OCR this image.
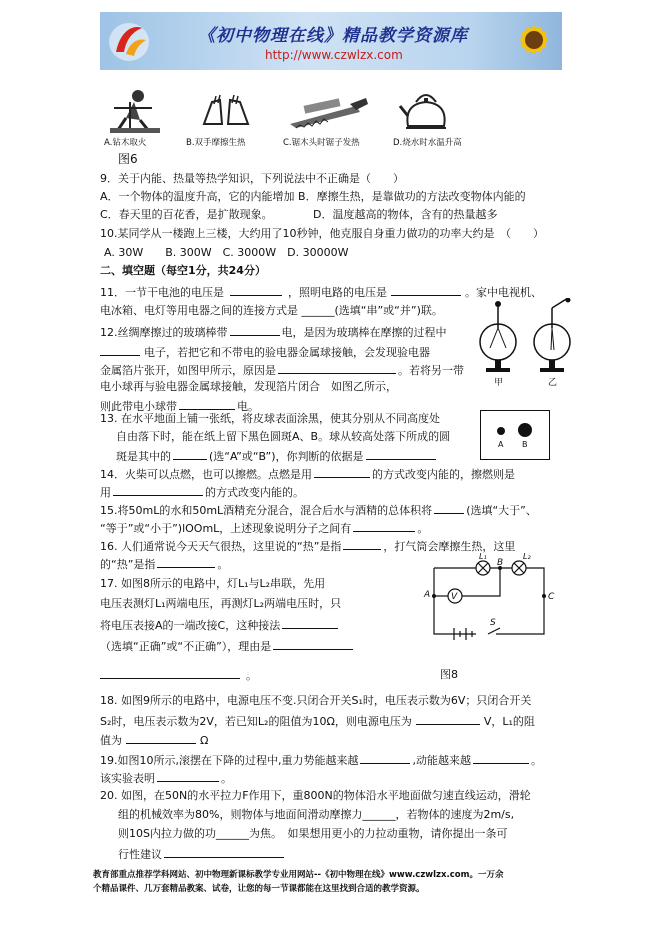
《初中物理在线》精品教学资源库
http://www.czwlzx.com
A.钻木取火	B.双手摩擦生热	C.锯木头时锯子发热	D.烧水时水温升高
图6
9．关于内能、热量等热学知识，下列说法中不正确是（　　）
A．一个物体的温度升高，它的内能增加 B．摩擦生热，是靠做功的方法改变物体内能的
C．春天里的百花香，是扩散现象。	D．温度越高的物体，含有的热量越多
10.某同学从一楼跑上三楼，大约用了10秒钟，他克服自身重力做功的功率大约是　（　　）
A. 30W　　B. 300W　C. 3000W　D. 30000W
二、填空题（每空1分，共24分）
11．一节干电池的电压是	，照明电路的电压是	。家中电视机、
电冰箱、电灯等用电器之间的连接方式是 ______(选填“串”或“并”)联。
12.丝绸摩擦过的玻璃棒带	电，是因为玻璃棒在摩擦的过程中
电子，若把它和不带电的验电器金属球接触，会发现验电器
金属箔片张开，如图甲所示，原因是	。若将另一带
电小球再与验电器金属球接触，发现箔片闭合　如图乙所示，
则此带电小球带	电。
甲	乙
13. 在水平地面上铺一张纸，将皮球表面涂黑，使其分别从不同高度处
自由落下时，能在纸上留下黑色圆斑A、B。球从较高处落下所成的圆
斑是其中的	(选“A”或“B”)，你判断的依据是
A B
14．火柴可以点燃，也可以擦燃。点燃是用	的方式改变内能的，擦燃则是
用	的方式改变内能的。
15.将50mL的水和50mL酒精充分混合，混合后水与酒精的总体积将	(选填“大于”、
“等于”或“小于”)lOOmL，上述现象说明分子之间有	。
16. 人们通常说今天天气很热，这里说的“热”是指	，打气筒会摩擦生热，这里
的“热”是指	。
17. 如图8所示的电路中，灯L₁与L₂串联，先用
电压表测灯L₁两端电压，再测灯L₂两端电压时，只
将电压表接A的一端改接C，这种接法
（选填“正确”或“不正确”），理由是
。
V
A
B
C
L₁	L₂
S
图8
18. 如图9所示的电路中，电源电压不变.只闭合开关S₁时，电压表示数为6V；只闭合开关
S₂时，电压表示数为2V，若已知L₂的阻值为10Ω，则电源电压为	V，L₁的阻
值为	Ω
19.如图10所示,滚摆在下降的过程中,重力势能越来越	,动能越来越	。
该实验表明	。
20. 如图，在50N的水平拉力F作用下，重800N的物体沿水平地面做匀速直线运动，滑轮
组的机械效率为80%，则物体与地面间滑动摩擦力______，若物体的速度为2m/s,
则10S内拉力做的功______为焦。　如果想用更小的力拉动重物，请你提出一条可
行性建议
教育部重点推荐学科网站、初中物理新课标教学专业用网站--《初中物理在线》www.czwlzx.com。一万余
个精品课件、几万套精品教案、试卷，让您的每一节课都能在这里找到合适的教学资源。
